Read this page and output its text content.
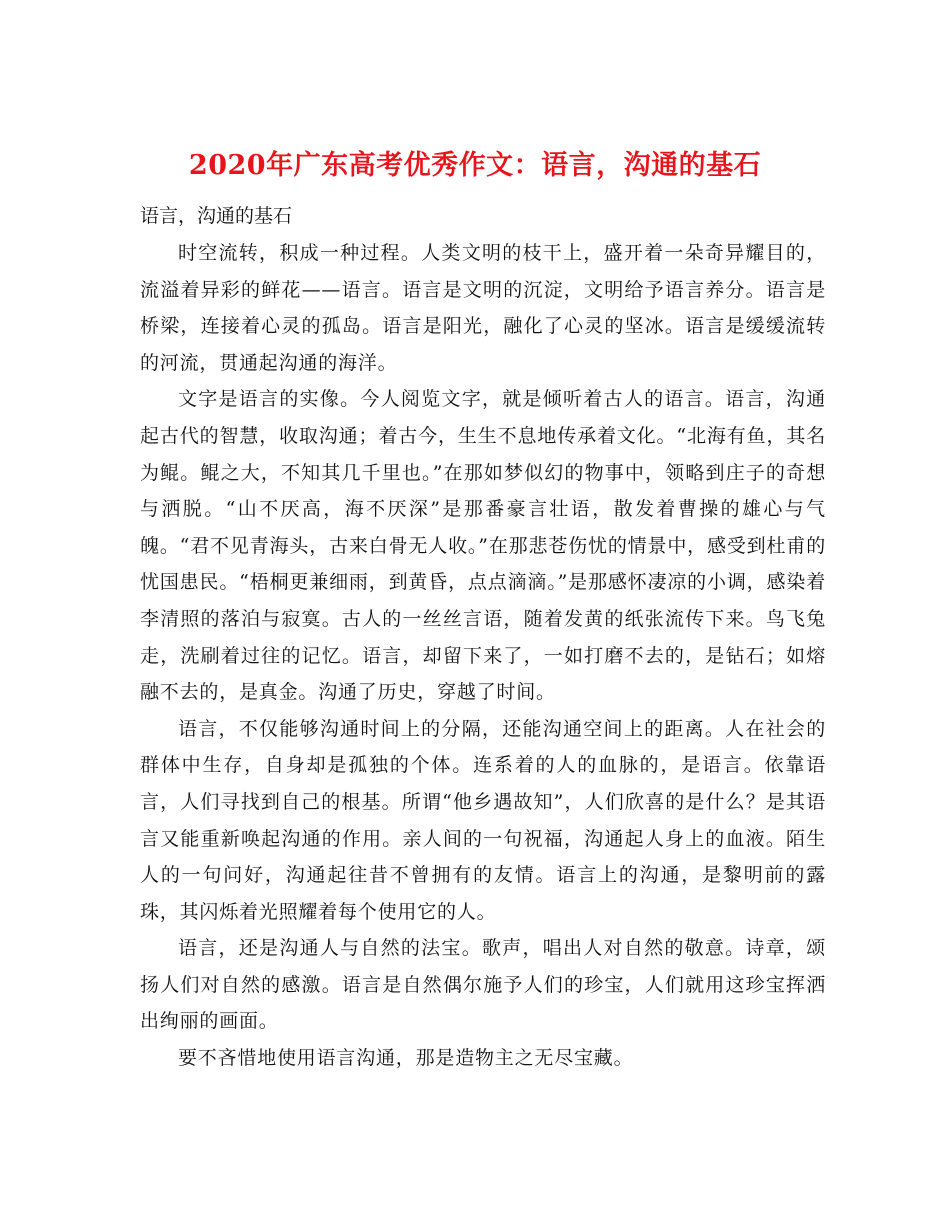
2020年广东高考优秀作文：语言，沟通的基石

语言，沟通的基石

时空流转，积成一种过程。人类文明的枝干上，盛开着一朵奇异耀目的，流溢着异彩的鲜花——语言。语言是文明的沉淀，文明给予语言养分。语言是桥梁，连接着心灵的孤岛。语言是阳光，融化了心灵的坚冰。语言是缓缓流转的河流，贯通起沟通的海洋。

文字是语言的实像。今人阅览文字，就是倾听着古人的语言。语言，沟通起古代的智慧，收取沟通；着古今，生生不息地传承着文化。“北海有鱼，其名为鲲。鲲之大，不知其几千里也。”在那如梦似幻的物事中，领略到庄子的奇想与洒脱。“山不厌高，海不厌深”是那番豪言壮语，散发着曹操的雄心与气魄。“君不见青海头，古来白骨无人收。”在那悲苍伤忧的情景中，感受到杜甫的忧国患民。“梧桐更兼细雨，到黄昏，点点滴滴。”是那感怀凄凉的小调，感染着李清照的落泊与寂寞。古人的一丝丝言语，随着发黄的纸张流传下来。鸟飞兔走，洗刷着过往的记忆。语言，却留下来了，一如打磨不去的，是钻石；如熔融不去的，是真金。沟通了历史，穿越了时间。

语言，不仅能够沟通时间上的分隔，还能沟通空间上的距离。人在社会的群体中生存，自身却是孤独的个体。连系着的人的血脉的，是语言。依靠语言，人们寻找到自己的根基。所谓“他乡遇故知”，人们欣喜的是什么？是其语言又能重新唤起沟通的作用。亲人间的一句祝福，沟通起人身上的血液。陌生人的一句问好，沟通起往昔不曾拥有的友情。语言上的沟通，是黎明前的露珠，其闪烁着光照耀着每个使用它的人。

语言，还是沟通人与自然的法宝。歌声，唱出人对自然的敬意。诗章，颂扬人们对自然的感激。语言是自然偶尔施予人们的珍宝，人们就用这珍宝挥洒出绚丽的画面。

要不吝惜地使用语言沟通，那是造物主之无尽宝藏。
